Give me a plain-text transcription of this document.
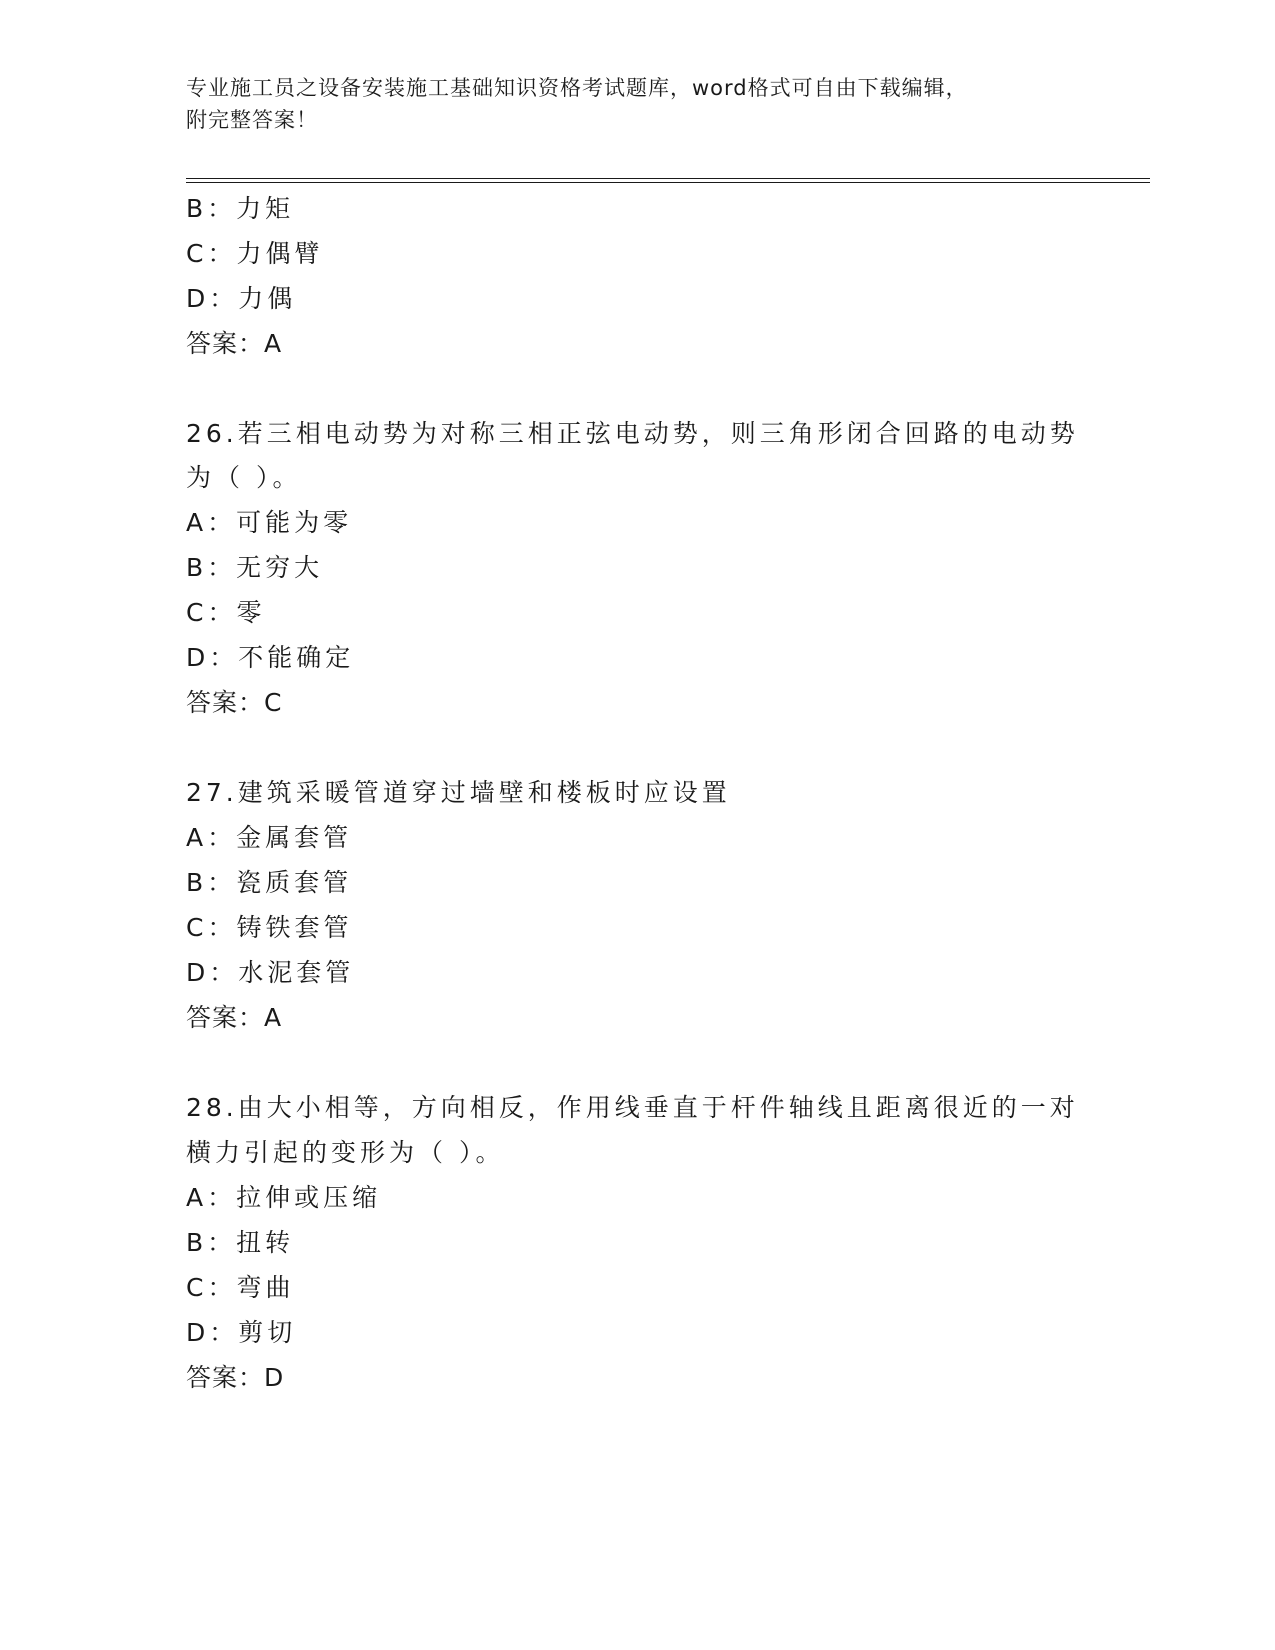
专业施工员之设备安装施工基础知识资格考试题库，word格式可自由下载编辑，
附完整答案！
B：力矩
C：力偶臂
D：力偶
答案：A
26.若三相电动势为对称三相正弦电动势，则三角形闭合回路的电动势
为（ ）。
A：可能为零
B：无穷大
C：零
D：不能确定
答案：C
27.建筑采暖管道穿过墙壁和楼板时应设置
A：金属套管
B：瓷质套管
C：铸铁套管
D：水泥套管
答案：A
28.由大小相等，方向相反，作用线垂直于杆件轴线且距离很近的一对
横力引起的变形为（ ）。
A：拉伸或压缩
B：扭转
C：弯曲
D：剪切
答案：D
